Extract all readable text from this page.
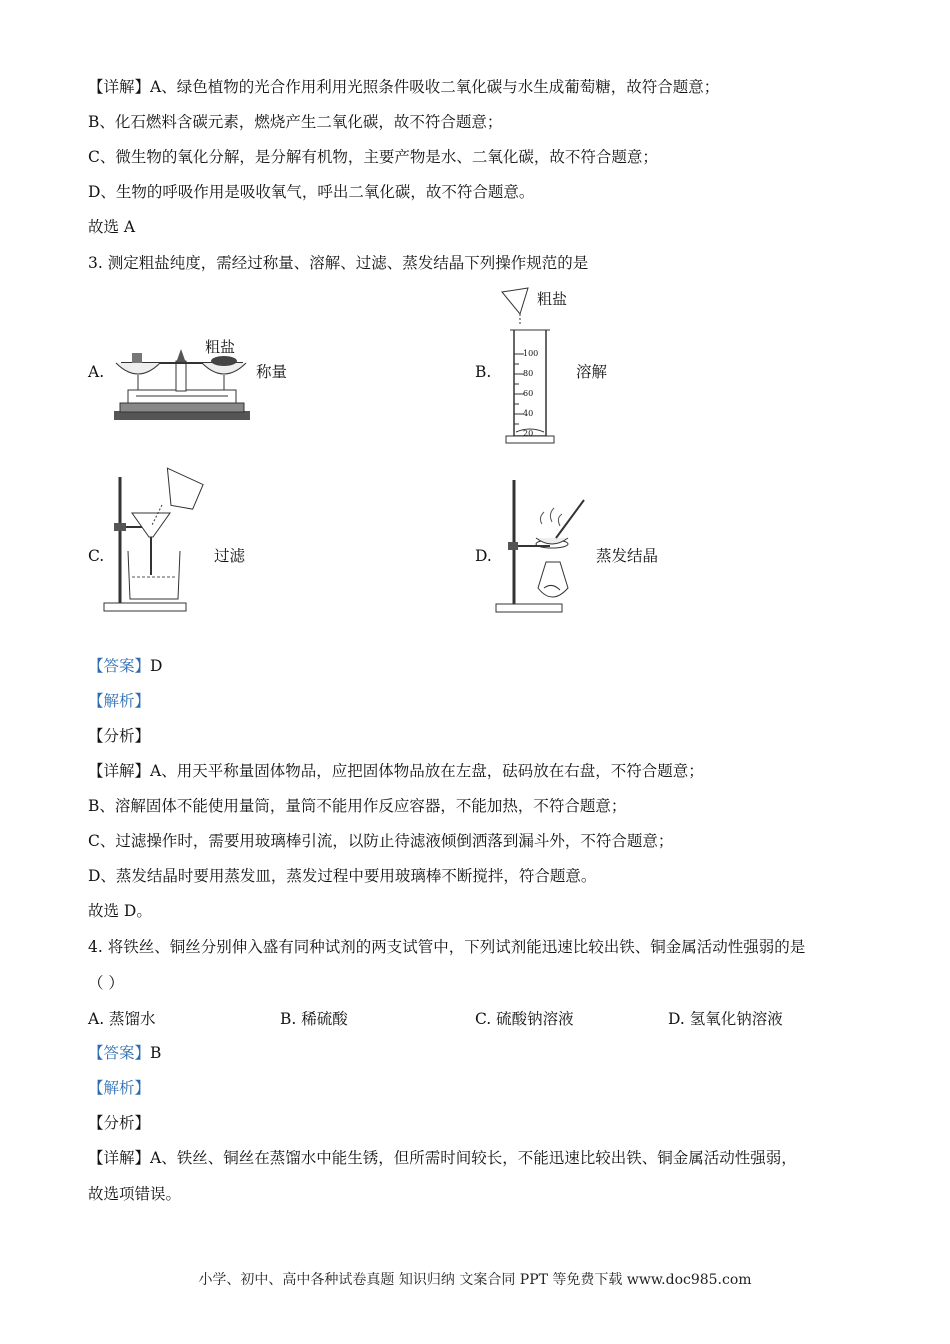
【详解】A、绿色植物的光合作用利用光照条件吸收二氧化碳与水生成葡萄糖，故符合题意；
B、化石燃料含碳元素，燃烧产生二氧化碳，故不符合题意；
C、微生物的氧化分解，是分解有机物，主要产物是水、二氧化碳，故不符合题意；
D、生物的呼吸作用是吸收氧气，呼出二氧化碳，故不符合题意。
故选 A
3. 测定粗盐纯度，需经过称量、溶解、过滤、蒸发结晶下列操作规范的是
A.
粗盐
称量	B.
粗盐
100
80
60
40
20
溶解
C.	过滤	D.	蒸发结晶
【答案】D
【解析】
【分析】
【详解】A、用天平称量固体物品，应把固体物品放在左盘，砝码放在右盘，不符合题意；
B、溶解固体不能使用量筒，量筒不能用作反应容器，不能加热，不符合题意；
C、过滤操作时，需要用玻璃棒引流，以防止待滤液倾倒洒落到漏斗外，不符合题意；
D、蒸发结晶时要用蒸发皿，蒸发过程中要用玻璃棒不断搅拌，符合题意。
故选 D。
4. 将铁丝、铜丝分别伸入盛有同种试剂的两支试管中，下列试剂能迅速比较出铁、铜金属活动性强弱的是
（ ）
A. 蒸馏水	B. 稀硫酸	C. 硫酸钠溶液	D. 氢氧化钠溶液
【答案】B
【解析】
【分析】
【详解】A、铁丝、铜丝在蒸馏水中能生锈，但所需时间较长，不能迅速比较出铁、铜金属活动性强弱，
故选项错误。
小学、初中、高中各种试卷真题 知识归纳 文案合同 PPT 等免费下载 www.doc985.com
